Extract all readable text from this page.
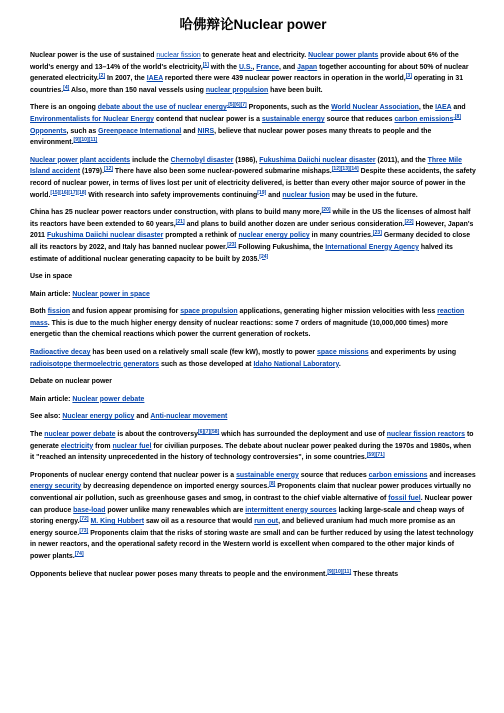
哈佛辩论Nuclear power

Nuclear power is the use of sustained nuclear fission to generate heat and electricity. Nuclear power plants provide about 6% of the world's energy and 13–14% of the world's electricity,[1] with the U.S., France, and Japan together accounting for about 50% of nuclear generated electricity.[2] In 2007, the IAEA reported there were 439 nuclear power reactors in operation in the world,[3] operating in 31 countries.[4] Also, more than 150 naval vessels using nuclear propulsion have been built.

There is an ongoing debate about the use of nuclear energy$^{.[5][6][7]}$ Proponents, such as the World Nuclear Association, the IAEA and Environmentalists for Nuclear Energy contend that nuclear power is a sustainable energy source that reduces carbon emissions$^{.[8]}$ Opponents, such as Greenpeace International and NIRS, believe that nuclear power poses many threats to people and the environment.[9][10][11]

Nuclear power plant accidents include the Chernobyl disaster (1986), Fukushima Daiichi nuclear disaster (2011), and the Three Mile Island accident (1979).[12] There have also been some nuclear-powered submarine mishaps.[12][13][14] Despite these accidents, the safety record of nuclear power, in terms of lives lost per unit of electricity delivered, is better than every other major source of power in the world.[15][16][17][18] With research into safety improvements continuing[19] and nuclear fusion may be used in the future.

China has 25 nuclear power reactors under construction, with plans to build many more,[20] while in the US the licenses of almost half its reactors have been extended to 60 years,[21] and plans to build another dozen are under serious consideration.[22] However, Japan's 2011 Fukushima Daiichi nuclear disaster prompted a rethink of nuclear energy policy in many countries.[23] Germany decided to close all its reactors by 2022, and Italy has banned nuclear power.[23] Following Fukushima, the International Energy Agency halved its estimate of additional nuclear generating capacity to be built by 2035.[24]

Use in space

Main article: Nuclear power in space

Both fission and fusion appear promising for space propulsion applications, generating higher mission velocities with less reaction mass. This is due to the much higher energy density of nuclear reactions: some 7 orders of magnitude (10,000,000 times) more energetic than the chemical reactions which power the current generation of rockets.

Radioactive decay has been used on a relatively small scale (few kW), mostly to power space missions and experiments by using radioisotope thermoelectric generators such as those developed at Idaho National Laboratory.

Debate on nuclear power

Main article: Nuclear power debate

See also: Nuclear energy policy and Anti-nuclear movement

The nuclear power debate is about the controversy[6][7][58] which has surrounded the deployment and use of nuclear fission reactors to generate electricity from nuclear fuel for civilian purposes. The debate about nuclear power peaked during the 1970s and 1980s, when it "reached an intensity unprecedented in the history of technology controversies", in some countries.[59][71]

Proponents of nuclear energy contend that nuclear power is a sustainable energy source that reduces carbon emissions and increases energy security by decreasing dependence on imported energy sources.[8] Proponents claim that nuclear power produces virtually no conventional air pollution, such as greenhouse gases and smog, in contrast to the chief viable alternative of fossil fuel. Nuclear power can produce base-load power unlike many renewables which are intermittent energy sources lacking large-scale and cheap ways of storing energy.[72] M. King Hubbert saw oil as a resource that would run out, and believed uranium had much more promise as an energy source.[73] Proponents claim that the risks of storing waste are small and can be further reduced by using the latest technology in newer reactors, and the operational safety record in the Western world is excellent when compared to the other major kinds of power plants.[74]

Opponents believe that nuclear power poses many threats to people and the environment.[9][10][11] These threats
